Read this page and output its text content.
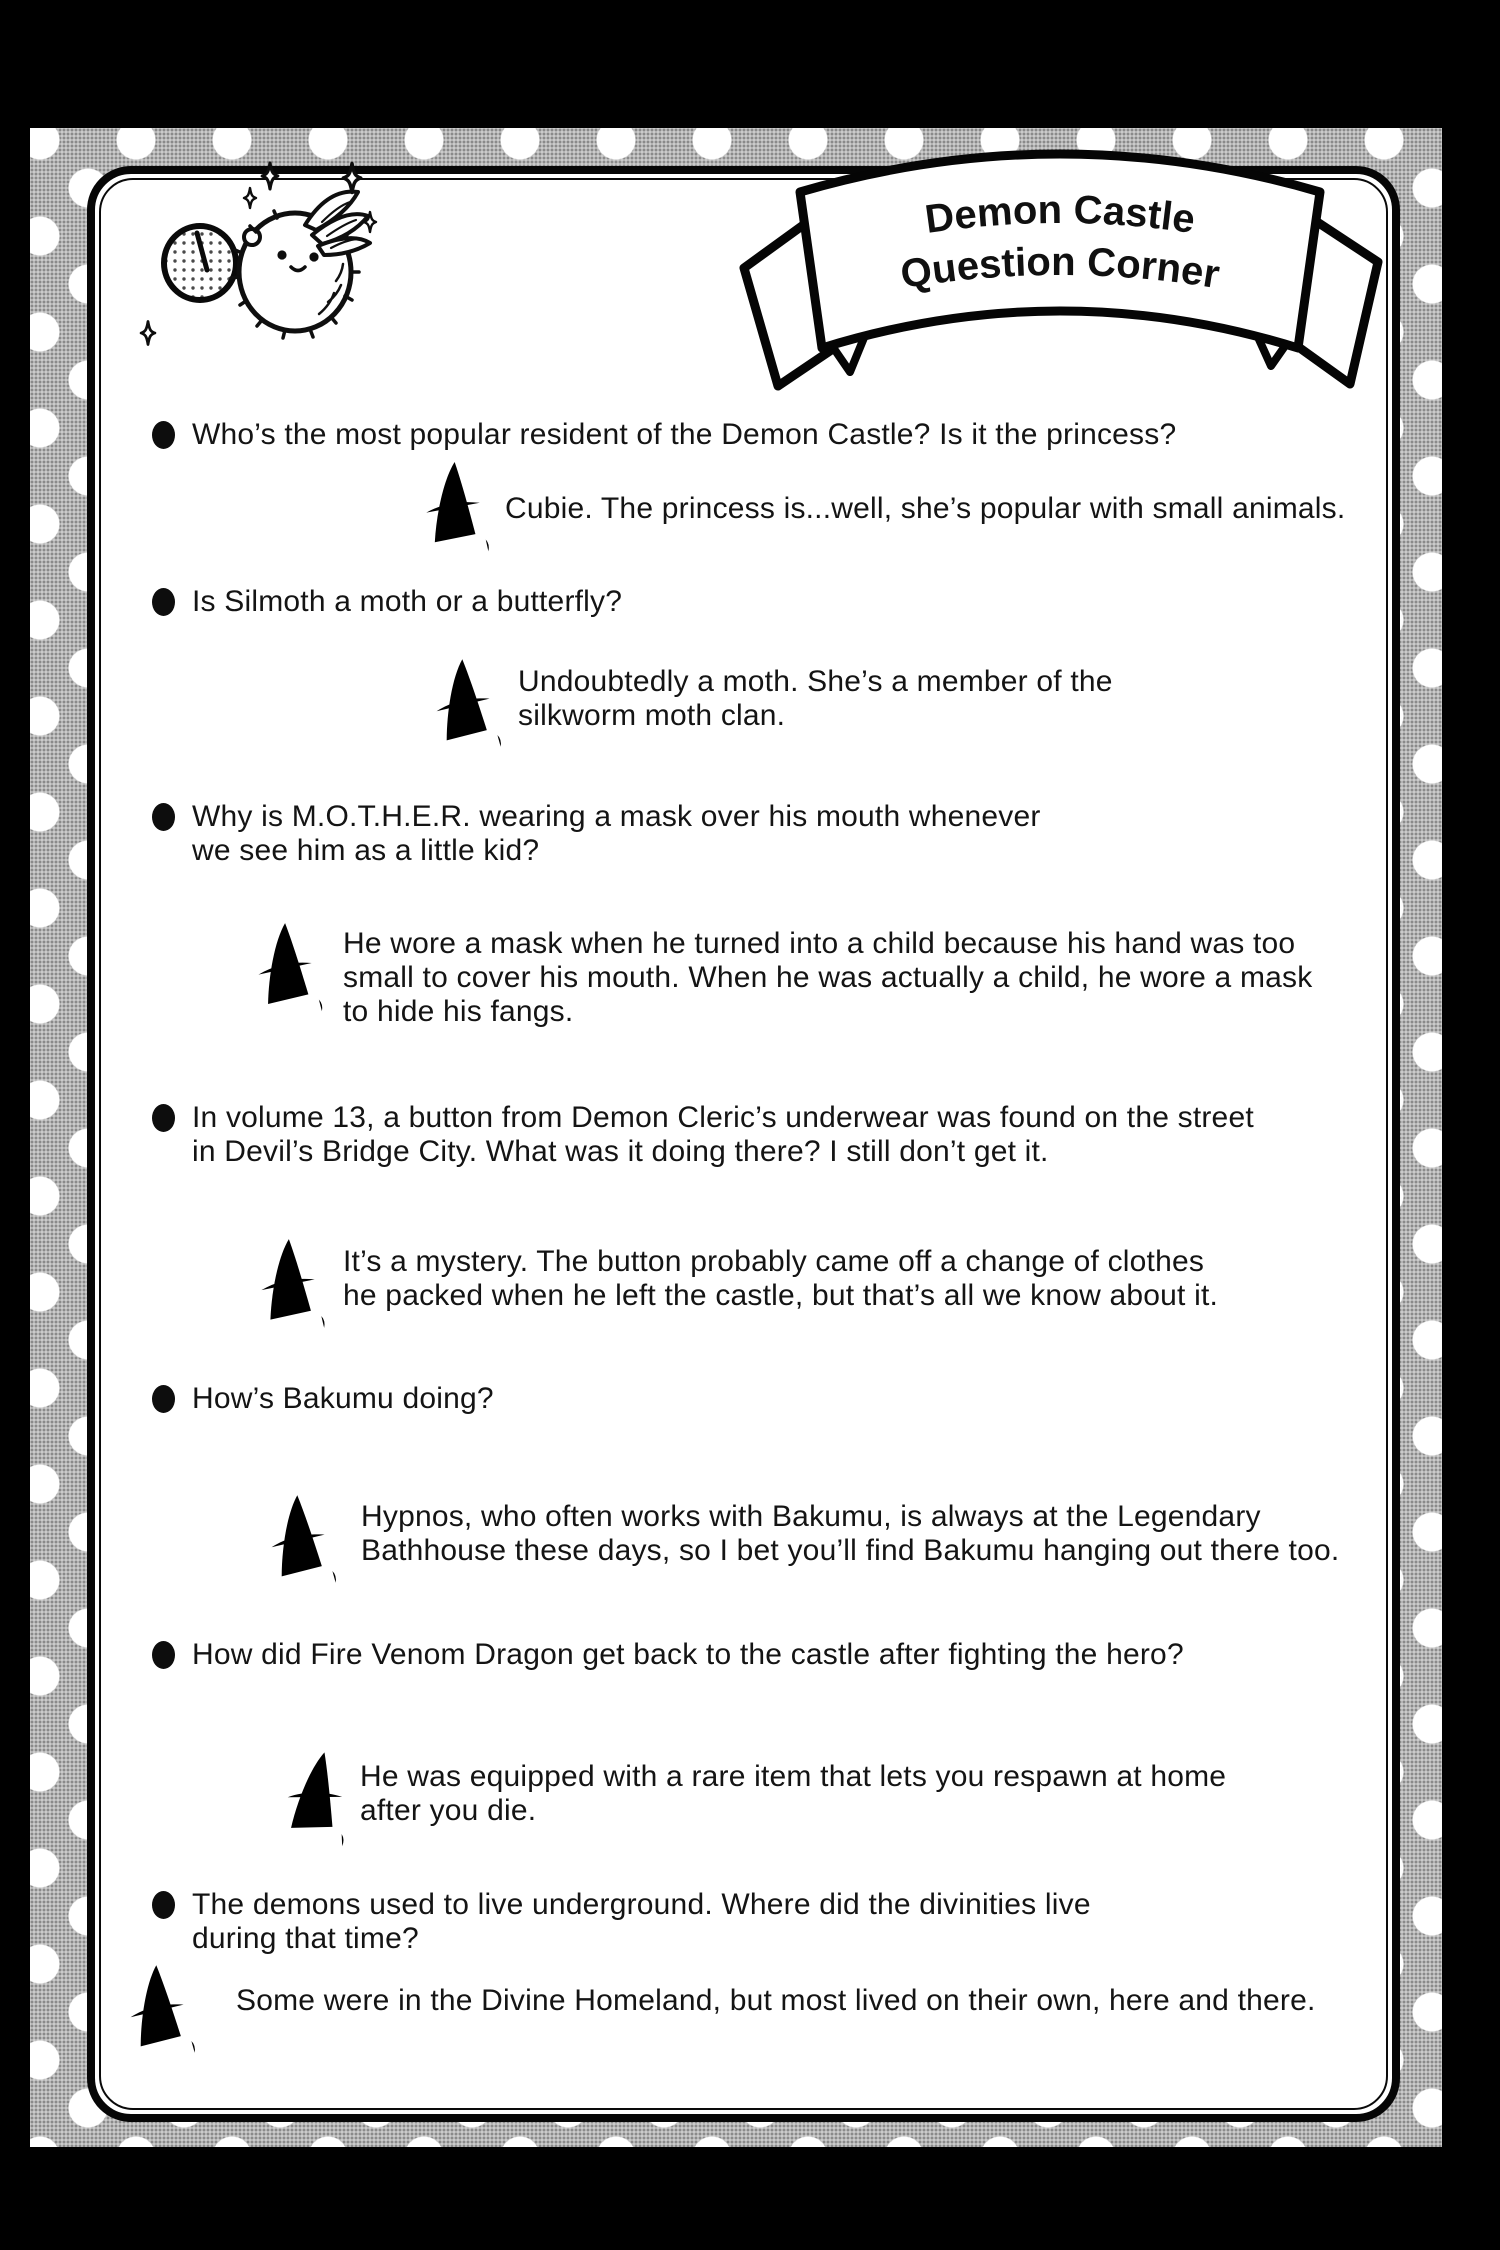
Demon Castle
Question Corner
Who’s the most popular resident of the Demon Castle? Is it the princess?
Cubie. The princess is...well, she’s popular with small animals.
Is Silmoth a moth or a butterfly?
Undoubtedly a moth. She’s a member of the
silkworm moth clan.
Why is M.O.T.H.E.R. wearing a mask over his mouth whenever
we see him as a little kid?
He wore a mask when he turned into a child because his hand was too
small to cover his mouth. When he was actually a child, he wore a mask
to hide his fangs.
In volume 13, a button from Demon Cleric’s underwear was found on the street
in Devil’s Bridge City. What was it doing there? I still don’t get it.
It’s a mystery. The button probably came off a change of clothes
he packed when he left the castle, but that’s all we know about it.
How’s Bakumu doing?
Hypnos, who often works with Bakumu, is always at the Legendary
Bathhouse these days, so I bet you’ll find Bakumu hanging out there too.
How did Fire Venom Dragon get back to the castle after fighting the hero?
He was equipped with a rare item that lets you respawn at home
after you die.
The demons used to live underground. Where did the divinities live
during that time?
Some were in the Divine Homeland, but most lived on their own, here and there.
